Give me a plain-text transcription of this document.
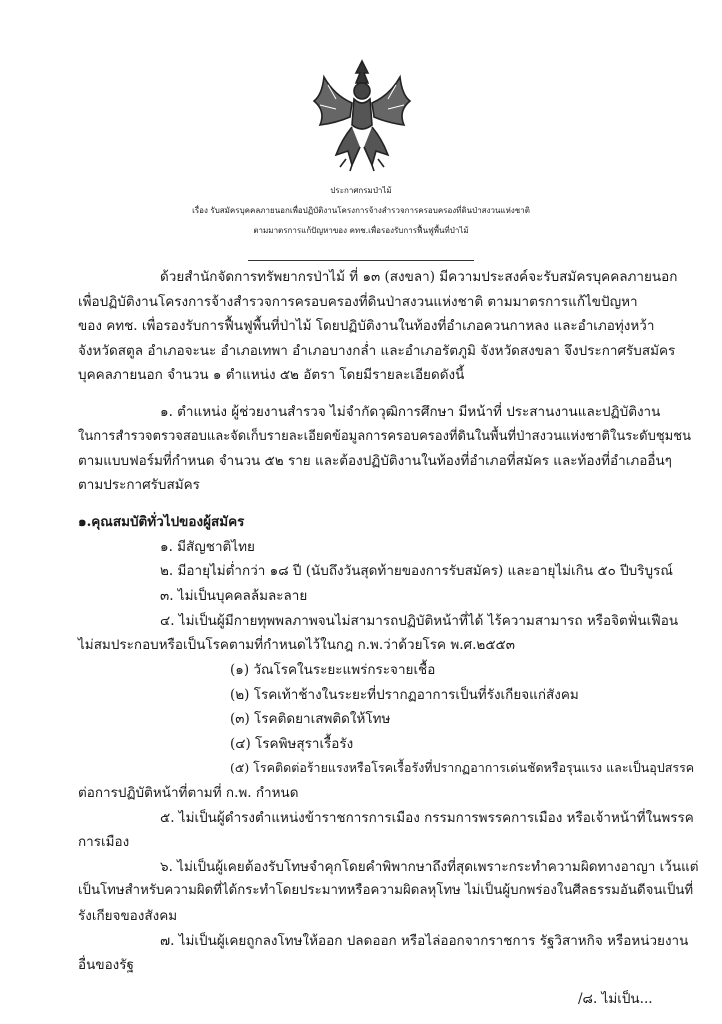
ประกาศกรมป่าไม้

เรื่อง รับสมัครบุคคลภายนอกเพื่อปฏิบัติงานโครงการจ้างสำรวจการครอบครองที่ดินป่าสงวนแห่งชาติ

ตามมาตรการแก้ปัญหาของ คทช.เพื่อรองรับการฟื้นฟูพื้นที่ป่าไม้

ด้วยสำนักจัดการทรัพยากรป่าไม้ ที่ ๑๓ (สงขลา) มีความประสงค์จะรับสมัครบุคคลภายนอก

เพื่อปฏิบัติงานโครงการจ้างสำรวจการครอบครองที่ดินป่าสงวนแห่งชาติ ตามมาตรการแก้ไขปัญหา

ของ คทช. เพื่อรองรับการฟื้นฟูพื้นที่ป่าไม้ โดยปฏิบัติงานในท้องที่อำเภอควนกาหลง และอำเภอทุ่งหว้า

จังหวัดสตูล อำเภอจะนะ อำเภอเทพา อำเภอบางกล่ำ และอำเภอรัตภูมิ จังหวัดสงขลา จึงประกาศรับสมัคร

บุคคลภายนอก จำนวน ๑ ตำแหน่ง ๕๒ อัตรา โดยมีรายละเอียดดังนี้

๑. ตำแหน่ง ผู้ช่วยงานสำรวจ ไม่จำกัดวุฒิการศึกษา มีหน้าที่ ประสานงานและปฏิบัติงาน

ในการสำรวจตรวจสอบและจัดเก็บรายละเอียดข้อมูลการครอบครองที่ดินในพื้นที่ป่าสงวนแห่งชาติในระดับชุมชน

ตามแบบฟอร์มที่กำหนด จำนวน ๕๒ ราย และต้องปฏิบัติงานในท้องที่อำเภอที่สมัคร และท้องที่อำเภออื่นๆ

ตามประกาศรับสมัคร

๑.คุณสมบัติทั่วไปของผู้สมัคร

๑. มีสัญชาติไทย

๒. มีอายุไม่ต่ำกว่า ๑๘ ปี (นับถึงวันสุดท้ายของการรับสมัคร) และอายุไม่เกิน ๕๐ ปีบริบูรณ์

๓. ไม่เป็นบุคคลล้มละลาย

๔. ไม่เป็นผู้มีกายทุพพลภาพจนไม่สามารถปฏิบัติหน้าที่ได้ ไร้ความสามารถ หรือจิตฟั่นเฟือน

ไม่สมประกอบหรือเป็นโรคตามที่กำหนดไว้ในกฎ ก.พ.ว่าด้วยโรค พ.ศ.๒๕๕๓

(๑) วัณโรคในระยะแพร่กระจายเชื้อ

(๒) โรคเท้าช้างในระยะที่ปรากฏอาการเป็นที่รังเกียจแก่สังคม

(๓) โรคติดยาเสพติดให้โทษ

(๔) โรคพิษสุราเรื้อรัง

(๕) โรคติดต่อร้ายแรงหรือโรคเรื้อรังที่ปรากฏอาการเด่นชัดหรือรุนแรง และเป็นอุปสรรค

ต่อการปฏิบัติหน้าที่ตามที่ ก.พ. กำหนด

๕. ไม่เป็นผู้ดำรงตำแหน่งข้าราชการการเมือง กรรมการพรรคการเมือง หรือเจ้าหน้าที่ในพรรค

การเมือง

๖. ไม่เป็นผู้เคยต้องรับโทษจำคุกโดยคำพิพากษาถึงที่สุดเพราะกระทำความผิดทางอาญา เว้นแต่

เป็นโทษสำหรับความผิดที่ได้กระทำโดยประมาทหรือความผิดลหุโทษ ไม่เป็นผู้บกพร่องในศีลธรรมอันดีจนเป็นที่

รังเกียจของสังคม

๗. ไม่เป็นผู้เคยถูกลงโทษให้ออก ปลดออก หรือไล่ออกจากราชการ รัฐวิสาหกิจ หรือหน่วยงาน

อื่นของรัฐ

/๘. ไม่เป็น...
